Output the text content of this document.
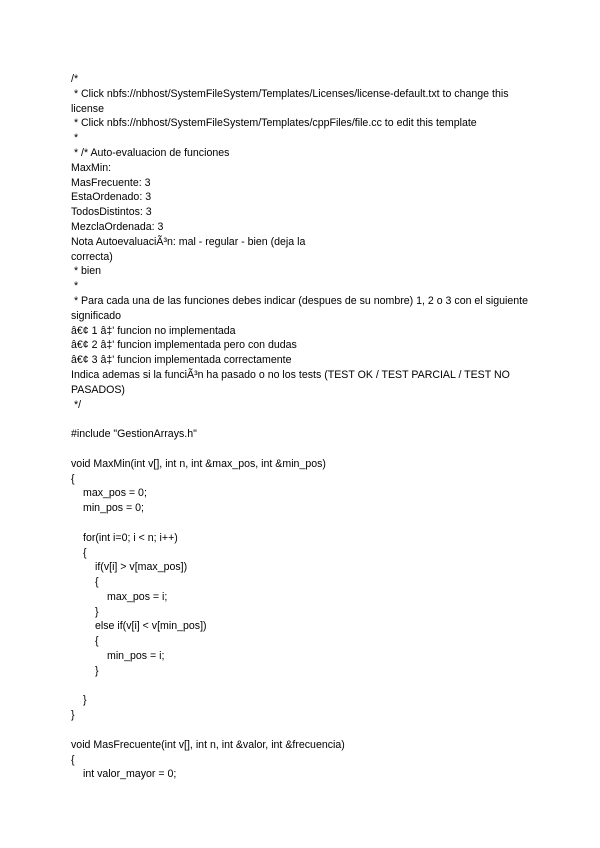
/*
* Click nbfs://nbhost/SystemFileSystem/Templates/Licenses/license-default.txt to change this license
* Click nbfs://nbhost/SystemFileSystem/Templates/cppFiles/file.cc to edit this template
*
* /* Auto-evaluacion de funciones
MaxMin:
MasFrecuente: 3
EstaOrdenado: 3
TodosDistintos: 3
MezclaOrdenada: 3
Nota AutoevaluaciÃ³n: mal - regular - bien (deja la
correcta)
* bien
*
* Para cada una de las funciones debes indicar (despues de su nombre) 1, 2 o 3 con el siguiente significado
â€¢ 1 â‡' funcion no implementada
â€¢ 2 â‡' funcion implementada pero con dudas
â€¢ 3 â‡' funcion implementada correctamente
Indica ademas si la funciÃ³n ha pasado o no los tests (TEST OK / TEST PARCIAL / TEST NO PASADOS)
*/
#include "GestionArrays.h"
void MaxMin(int v[], int n, int &max_pos, int &min_pos)
{
max_pos = 0;
min_pos = 0;
for(int i=0; i < n; i++)
{
if(v[i] > v[max_pos])
{
max_pos = i;
}
else if(v[i] < v[min_pos])
{
min_pos = i;
}
}
}
void MasFrecuente(int v[], int n, int &valor, int &frecuencia)
{
int valor_mayor = 0;
